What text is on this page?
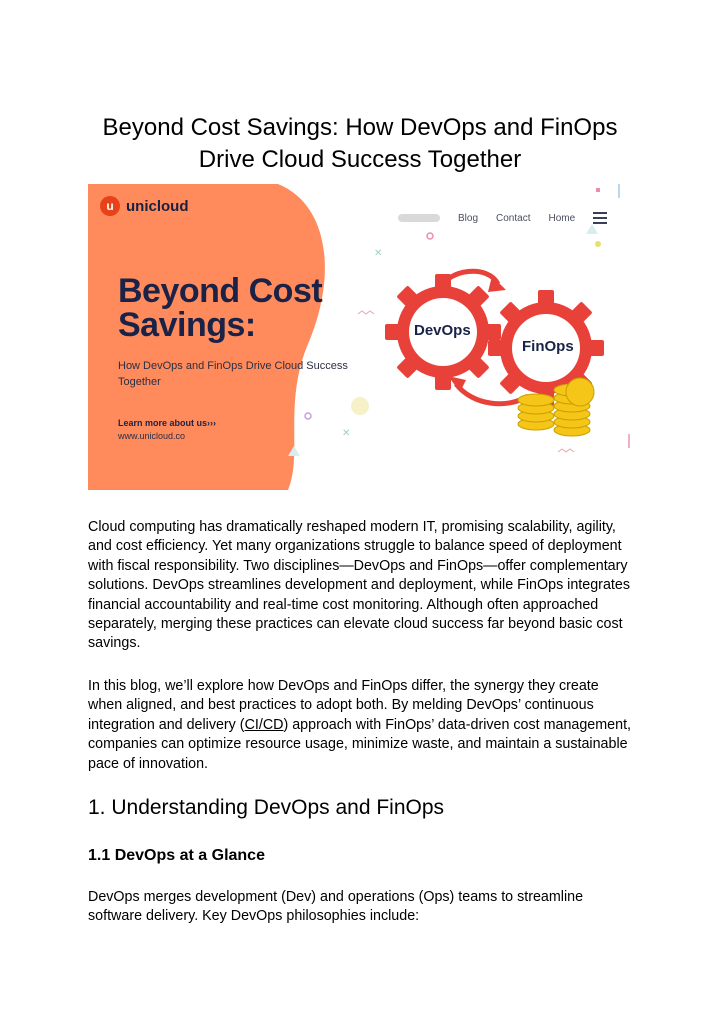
Beyond Cost Savings: How DevOps and FinOps
Drive Cloud Success Together
✕
✕
u unicloud
Blog Contact Home
Beyond Cost
Savings:
How DevOps and FinOps Drive Cloud Success
Together
Learn more about us›››
www.unicloud.co
DevOps
FinOps

Cloud computing has dramatically reshaped modern IT, promising scalability, agility, and cost efficiency. Yet many organizations struggle to balance speed of deployment with fiscal responsibility. Two disciplines—DevOps and FinOps—offer complementary solutions. DevOps streamlines development and deployment, while FinOps integrates financial accountability and real-time cost monitoring. Although often approached separately, merging these practices can elevate cloud success far beyond basic cost savings.

In this blog, we’ll explore how DevOps and FinOps differ, the synergy they create when aligned, and best practices to adopt both. By melding DevOps’ continuous integration and delivery (CI/CD) approach with FinOps’ data-driven cost management, companies can optimize resource usage, minimize waste, and maintain a sustainable pace of innovation.

1. Understanding DevOps and FinOps
1.1 DevOps at a Glance

DevOps merges development (Dev) and operations (Ops) teams to streamline software delivery. Key DevOps philosophies include:
